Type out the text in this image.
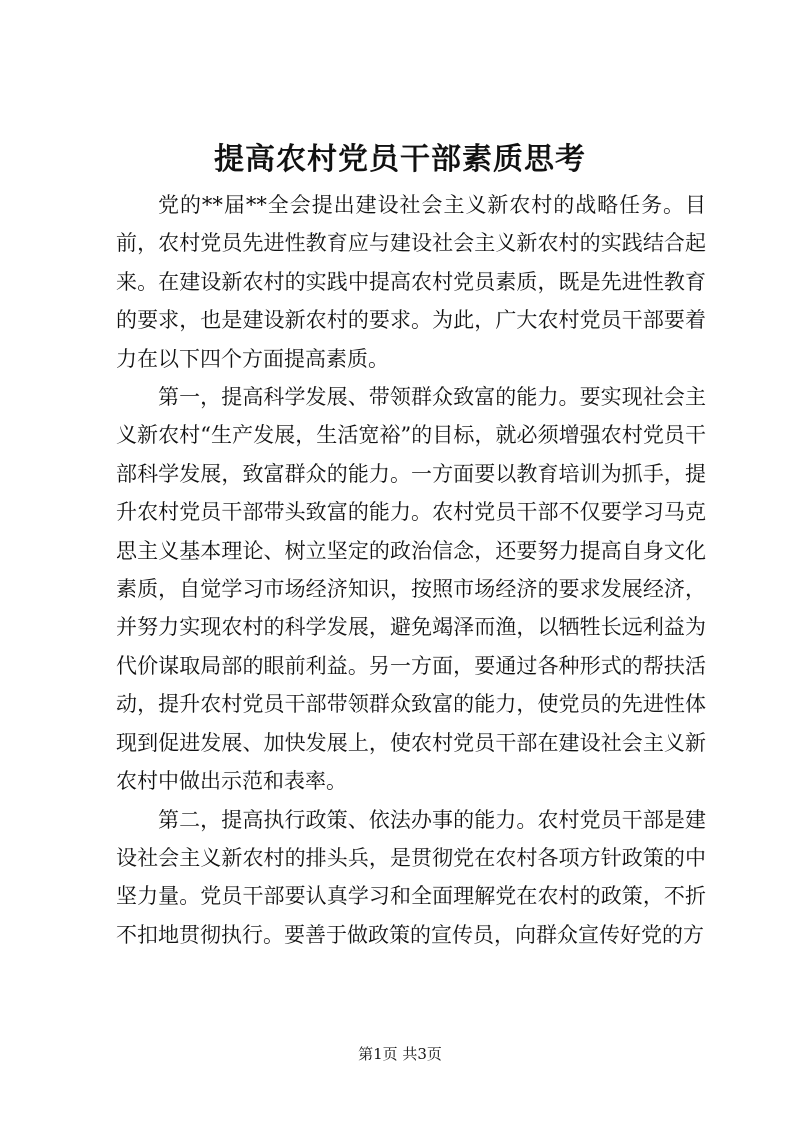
提高农村党员干部素质思考

党的**届**全会提出建设社会主义新农村的战略任务。目前，农村党员先进性教育应与建设社会主义新农村的实践结合起来。在建设新农村的实践中提高农村党员素质，既是先进性教育的要求，也是建设新农村的要求。为此，广大农村党员干部要着力在以下四个方面提高素质。

第一，提高科学发展、带领群众致富的能力。要实现社会主义新农村“生产发展，生活宽裕”的目标，就必须增强农村党员干部科学发展，致富群众的能力。一方面要以教育培训为抓手，提升农村党员干部带头致富的能力。农村党员干部不仅要学习马克思主义基本理论、树立坚定的政治信念，还要努力提高自身文化素质，自觉学习市场经济知识，按照市场经济的要求发展经济，并努力实现农村的科学发展，避免竭泽而渔，以牺牲长远利益为代价谋取局部的眼前利益。另一方面，要通过各种形式的帮扶活动，提升农村党员干部带领群众致富的能力，使党员的先进性体现到促进发展、加快发展上，使农村党员干部在建设社会主义新农村中做出示范和表率。

第二，提高执行政策、依法办事的能力。农村党员干部是建设社会主义新农村的排头兵，是贯彻党在农村各项方针政策的中坚力量。党员干部要认真学习和全面理解党在农村的政策，不折不扣地贯彻执行。要善于做政策的宣传员，向群众宣传好党的方

第1页 共3页
